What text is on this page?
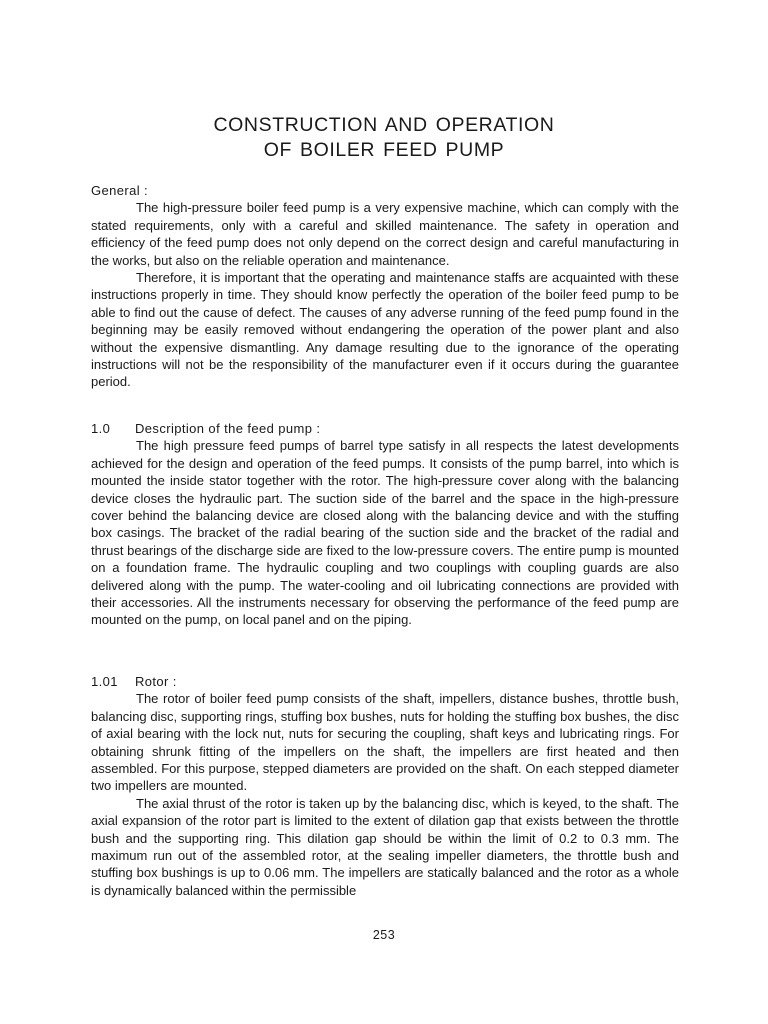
CONSTRUCTION AND OPERATION
OF BOILER FEED PUMP
General :

The high-pressure boiler feed pump is a very expensive machine, which can comply with the stated requirements, only with a careful and skilled maintenance. The safety in operation and efficiency of the feed pump does not only depend on the correct design and careful manufacturing in the works, but also on the reliable operation and maintenance.

Therefore, it is important that the operating and maintenance staffs are acquainted with these instructions properly in time. They should know perfectly the operation of the boiler feed pump to be able to find out the cause of defect. The causes of any adverse running of the feed pump found in the beginning may be easily removed without endangering the operation of the power plant and also without the expensive dismantling. Any damage resulting due to the ignorance of the operating instructions will not be the responsibility of the manufacturer even if it occurs during the guarantee period.

1.0 Description of the feed pump :

The high pressure feed pumps of barrel type satisfy in all respects the latest developments achieved for the design and operation of the feed pumps. It consists of the pump barrel, into which is mounted the inside stator together with the rotor. The high-pressure cover along with the balancing device closes the hydraulic part. The suction side of the barrel and the space in the high-pressure cover behind the balancing device are closed along with the balancing device and with the stuffing box casings. The bracket of the radial bearing of the suction side and the bracket of the radial and thrust bearings of the discharge side are fixed to the low-pressure covers. The entire pump is mounted on a foundation frame. The hydraulic coupling and two couplings with coupling guards are also delivered along with the pump. The water-cooling and oil lubricating connections are provided with their accessories. All the instruments necessary for observing the performance of the feed pump are mounted on the pump, on local panel and on the piping.

1.01 Rotor :

The rotor of boiler feed pump consists of the shaft, impellers, distance bushes, throttle bush, balancing disc, supporting rings, stuffing box bushes, nuts for holding the stuffing box bushes, the disc of axial bearing with the lock nut, nuts for securing the coupling, shaft keys and lubricating rings. For obtaining shrunk fitting of the impellers on the shaft, the impellers are first heated and then assembled. For this purpose, stepped diameters are provided on the shaft. On each stepped diameter two impellers are mounted.

The axial thrust of the rotor is taken up by the balancing disc, which is keyed, to the shaft. The axial expansion of the rotor part is limited to the extent of dilation gap that exists between the throttle bush and the supporting ring. This dilation gap should be within the limit of 0.2 to 0.3 mm. The maximum run out of the assembled rotor, at the sealing impeller diameters, the throttle bush and stuffing box bushings is up to 0.06 mm. The impellers are statically balanced and the rotor as a whole is dynamically balanced within the permissible

253
